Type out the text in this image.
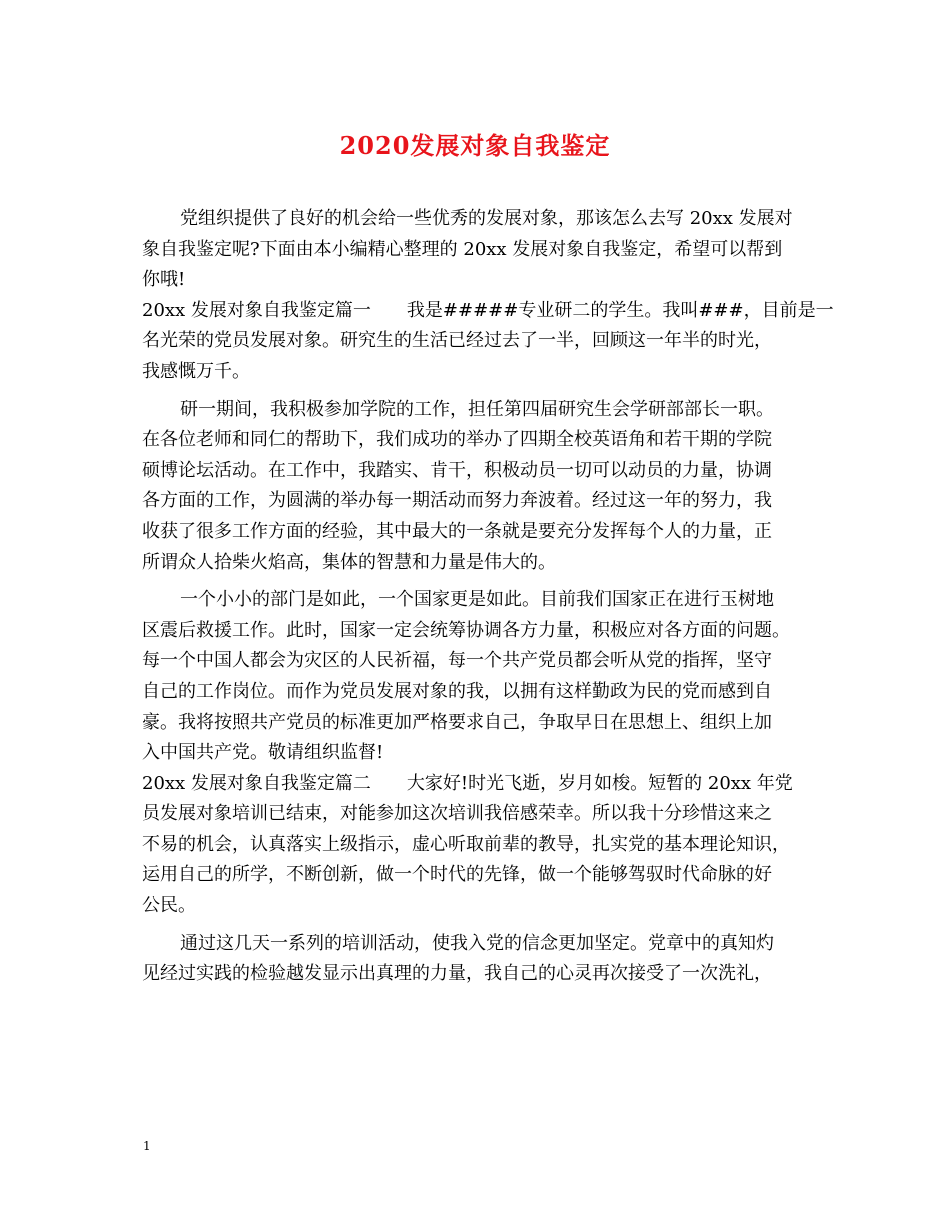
2020发展对象自我鉴定
党组织提供了良好的机会给一些优秀的发展对象，那该怎么去写 20xx 发展对
象自我鉴定呢?下面由本小编精心整理的 20xx 发展对象自我鉴定，希望可以帮到
你哦!
20xx 发展对象自我鉴定篇一　　我是#####专业研二的学生。我叫###，目前是一
名光荣的党员发展对象。研究生的生活已经过去了一半，回顾这一年半的时光，
我感慨万千。
研一期间，我积极参加学院的工作，担任第四届研究生会学研部部长一职。
在各位老师和同仁的帮助下，我们成功的举办了四期全校英语角和若干期的学院
硕博论坛活动。在工作中，我踏实、肯干，积极动员一切可以动员的力量，协调
各方面的工作，为圆满的举办每一期活动而努力奔波着。经过这一年的努力，我
收获了很多工作方面的经验，其中最大的一条就是要充分发挥每个人的力量，正
所谓众人拾柴火焰高，集体的智慧和力量是伟大的。
一个小小的部门是如此，一个国家更是如此。目前我们国家正在进行玉树地
区震后救援工作。此时，国家一定会统筹协调各方力量，积极应对各方面的问题。
每一个中国人都会为灾区的人民祈福，每一个共产党员都会听从党的指挥，坚守
自己的工作岗位。而作为党员发展对象的我，以拥有这样勤政为民的党而感到自
豪。我将按照共产党员的标准更加严格要求自己，争取早日在思想上、组织上加
入中国共产党。敬请组织监督!
20xx 发展对象自我鉴定篇二　　大家好!时光飞逝，岁月如梭。短暂的 20xx 年党
员发展对象培训已结束，对能参加这次培训我倍感荣幸。所以我十分珍惜这来之
不易的机会，认真落实上级指示，虚心听取前辈的教导，扎实党的基本理论知识，
运用自己的所学，不断创新，做一个时代的先锋，做一个能够驾驭时代命脉的好
公民。
通过这几天一系列的培训活动，使我入党的信念更加坚定。党章中的真知灼
见经过实践的检验越发显示出真理的力量，我自己的心灵再次接受了一次洗礼，
1
